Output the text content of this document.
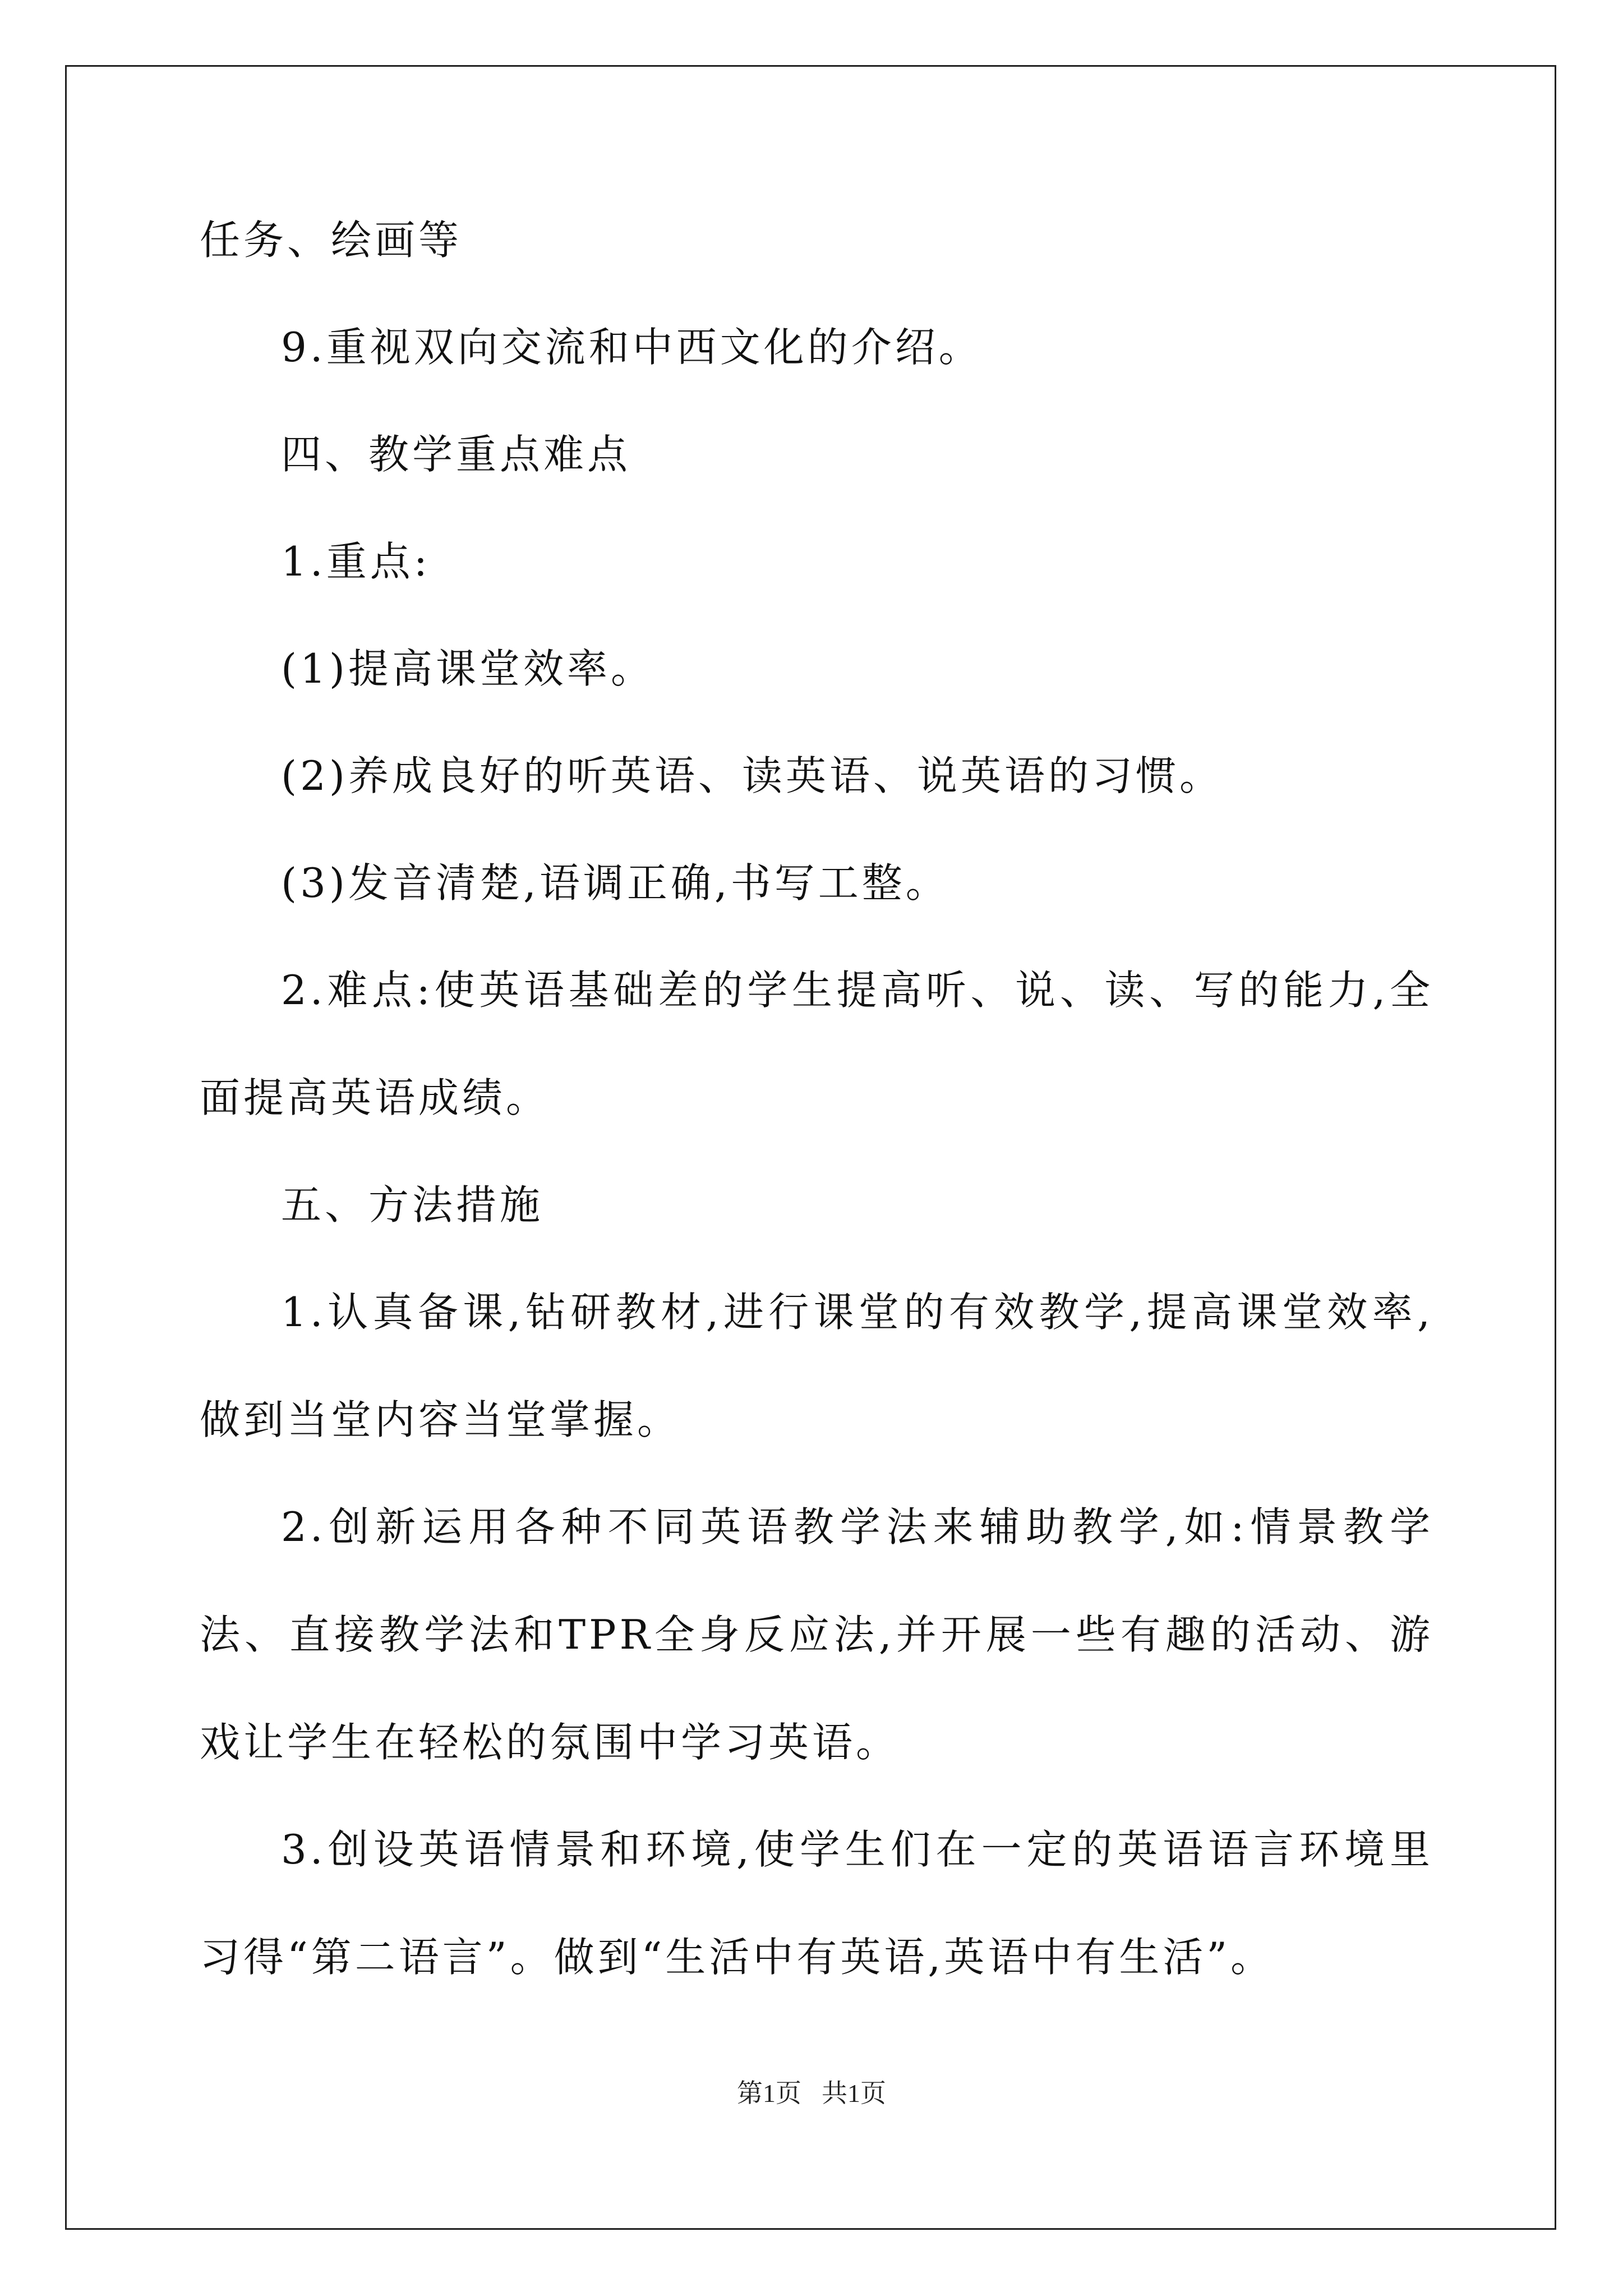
任务、绘画等

9.重视双向交流和中西文化的介绍。

四、教学重点难点

1.重点:

(1)提高课堂效率。

(2)养成良好的听英语、读英语、说英语的习惯。

(3)发音清楚,语调正确,书写工整。

2.难点:使英语基础差的学生提高听、说、读、写的能力,全面提高英语成绩。

五、方法措施

1.认真备课,钻研教材,进行课堂的有效教学,提高课堂效率,做到当堂内容当堂掌握。

2.创新运用各种不同英语教学法来辅助教学,如:情景教学法、直接教学法和TPR全身反应法,并开展一些有趣的活动、游戏让学生在轻松的氛围中学习英语。

3.创设英语情景和环境,使学生们在一定的英语语言环境里习得“第二语言”。做到“生活中有英语,英语中有生活”。

第1页 共1页
